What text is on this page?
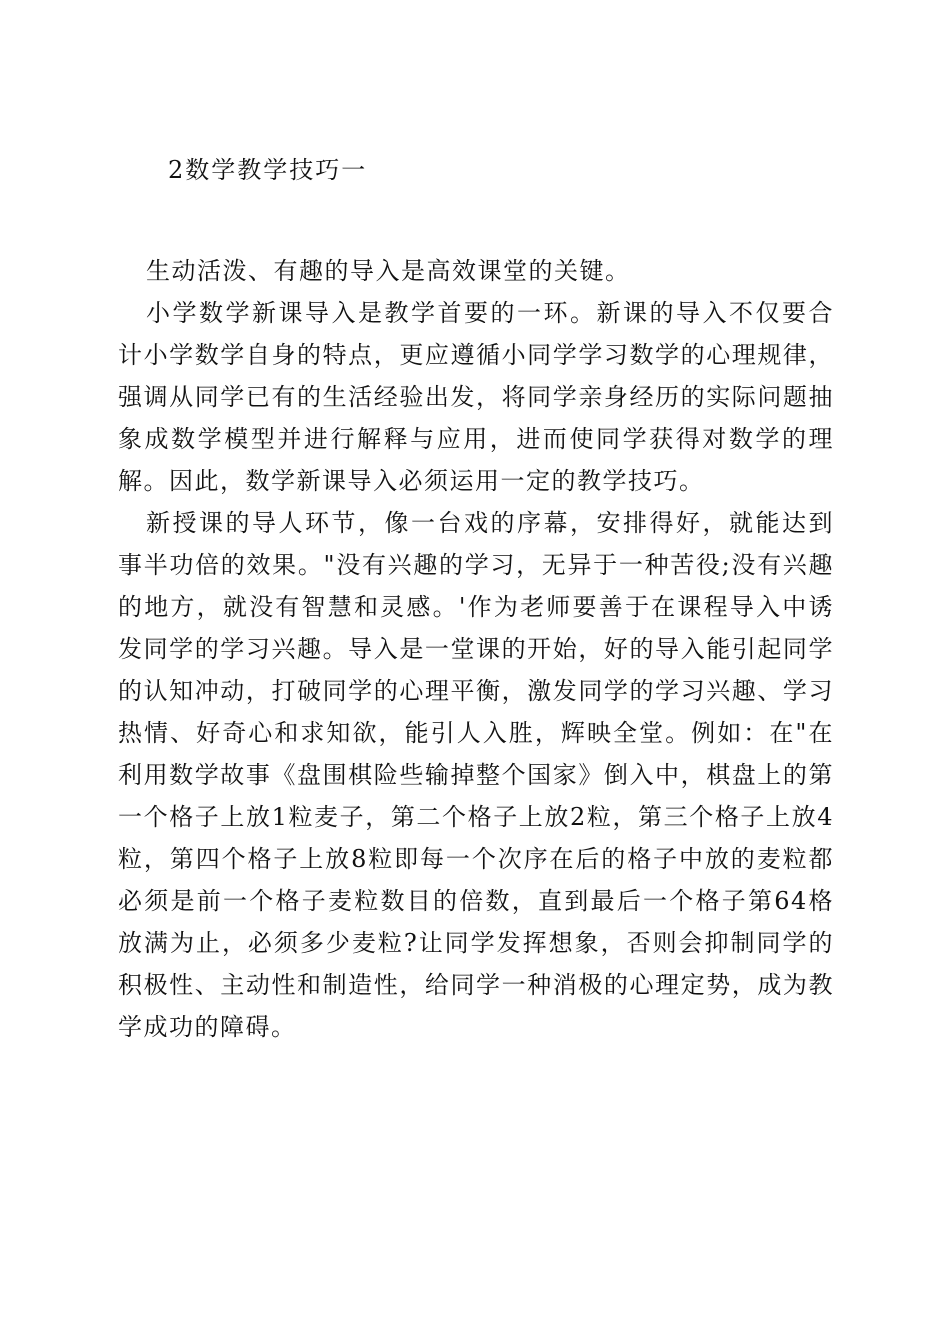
2数学教学技巧一

生动活泼、有趣的导入是高效课堂的关键。

小学数学新课导入是教学首要的一环。新课的导入不仅要合计小学数学自身的特点，更应遵循小同学学习数学的心理规律，强调从同学已有的生活经验出发，将同学亲身经历的实际问题抽象成数学模型并进行解释与应用，进而使同学获得对数学的理解。因此，数学新课导入必须运用一定的教学技巧。

新授课的导人环节，像一台戏的序幕，安排得好，就能达到事半功倍的效果。"没有兴趣的学习，无异于一种苦役;没有兴趣的地方，就没有智慧和灵感。'作为老师要善于在课程导入中诱发同学的学习兴趣。导入是一堂课的开始，好的导入能引起同学的认知冲动，打破同学的心理平衡，激发同学的学习兴趣、学习热情、好奇心和求知欲，能引人入胜，辉映全堂。例如：在"在利用数学故事《盘围棋险些输掉整个国家》倒入中，棋盘上的第一个格子上放1粒麦子，第二个格子上放2粒，第三个格子上放4粒，第四个格子上放8粒即每一个次序在后的格子中放的麦粒都必须是前一个格子麦粒数目的倍数，直到最后一个格子第64格放满为止，必须多少麦粒?让同学发挥想象，否则会抑制同学的积极性、主动性和制造性，给同学一种消极的心理定势，成为教学成功的障碍。
